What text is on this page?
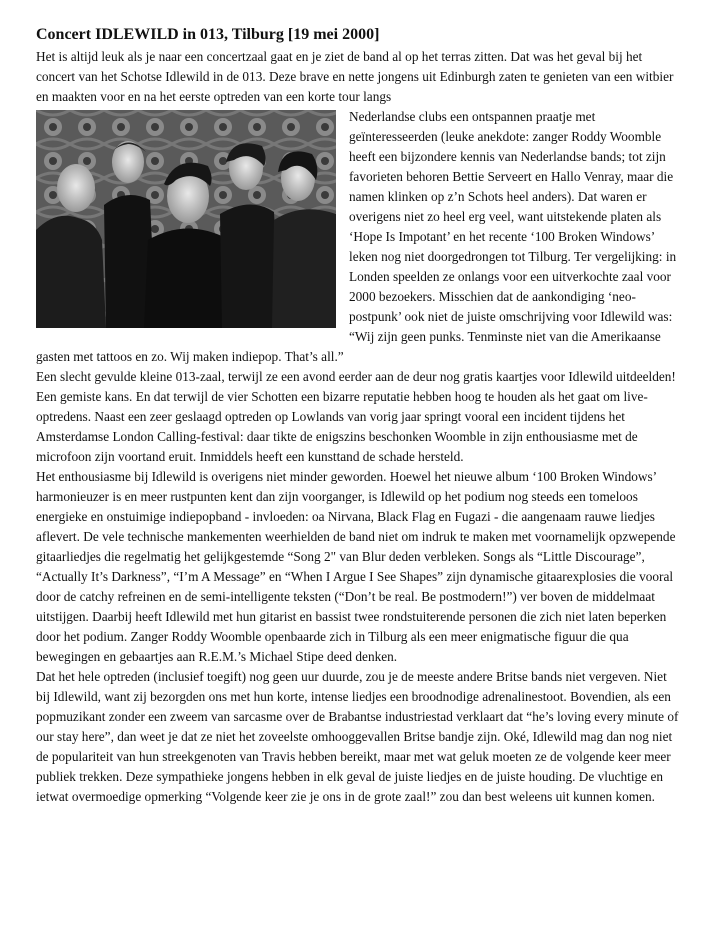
Concert IDLEWILD in 013, Tilburg [19 mei 2000]

Het is altijd leuk als je naar een concertzaal gaat en je ziet de band al op het terras zitten. Dat was het geval bij het concert van het Schotse Idlewild in de 013. Deze brave en nette jongens uit Edinburgh zaten te genieten van een witbier en maakten voor en na het eerste optreden van een korte tour langs

Nederlandse clubs een ontspannen praatje met geïnteresseerden (leuke anekdote: zanger Roddy Woomble heeft een bijzondere kennis van Nederlandse bands; tot zijn favorieten behoren Bettie Serveert en Hallo Venray, maar die namen klinken op z’n Schots heel anders). Dat waren er overigens niet zo heel erg veel, want uitstekende platen als ‘Hope Is Impotant’ en het recente ‘100 Broken Windows’ leken nog niet doorgedrongen tot Tilburg. Ter vergelijking: in Londen speelden ze onlangs voor een uitverkochte zaal voor 2000 bezoekers. Misschien dat de aankondiging ‘neo-postpunk’ ook niet de juiste omschrijving voor Idlewild was: “Wij zijn geen punks. Tenminste niet van die Amerikaanse gasten met tattoos en zo. Wij maken indiepop. That’s all.”

Een slecht gevulde kleine 013-zaal, terwijl ze een avond eerder aan de deur nog gratis kaartjes voor Idlewild uitdeelden! Een gemiste kans. En dat terwijl de vier Schotten een bizarre reputatie hebben hoog te houden als het gaat om live-optredens. Naast een zeer geslaagd optreden op Lowlands van vorig jaar springt vooral een incident tijdens het Amsterdamse London Calling-festival: daar tikte de enigszins beschonken Woomble in zijn enthousiasme met de microfoon zijn voortand eruit. Inmiddels heeft een kunsttand de schade hersteld.

Het enthousiasme bij Idlewild is overigens niet minder geworden. Hoewel het nieuwe album ‘100 Broken Windows’ harmonieuzer is en meer rustpunten kent dan zijn voorganger, is Idlewild op het podium nog steeds een tomeloos energieke en onstuimige indiepopband - invloeden: oa Nirvana, Black Flag en Fugazi - die aangenaam rauwe liedjes aflevert. De vele technische mankementen weerhielden de band niet om indruk te maken met voornamelijk opzwepende gitaarliedjes die regelmatig het gelijkgestemde “Song 2" van Blur deden verbleken. Songs als “Little Discourage”, “Actually It’s Darkness”, “I’m A Message” en “When I Argue I See Shapes” zijn dynamische gitaarexplosies die vooral door de catchy refreinen en de semi-intelligente teksten (“Don’t be real. Be postmodern!”) ver boven de middelmaat uitstijgen. Daarbij heeft Idlewild met hun gitarist en bassist twee rondstuiterende personen die zich niet laten beperken door het podium. Zanger Roddy Woomble openbaarde zich in Tilburg als een meer enigmatische figuur die qua bewegingen en gebaartjes aan R.E.M.’s Michael Stipe deed denken.

Dat het hele optreden (inclusief toegift) nog geen uur duurde, zou je de meeste andere Britse bands niet vergeven. Niet bij Idlewild, want zij bezorgden ons met hun korte, intense liedjes een broodnodige adrenalinestoot. Bovendien, als een popmuzikant zonder een zweem van sarcasme over de Brabantse industriestad verklaart dat “he’s loving every minute of our stay here”, dan weet je dat ze niet het zoveelste omhooggevallen Britse bandje zijn. Oké, Idlewild mag dan nog niet de populariteit van hun streekgenoten van Travis hebben bereikt, maar met wat geluk moeten ze de volgende keer meer publiek trekken. Deze sympathieke jongens hebben in elk geval de juiste liedjes en de juiste houding. De vluchtige en ietwat overmoedige opmerking “Volgende keer zie je ons in de grote zaal!” zou dan best weleens uit kunnen komen.
